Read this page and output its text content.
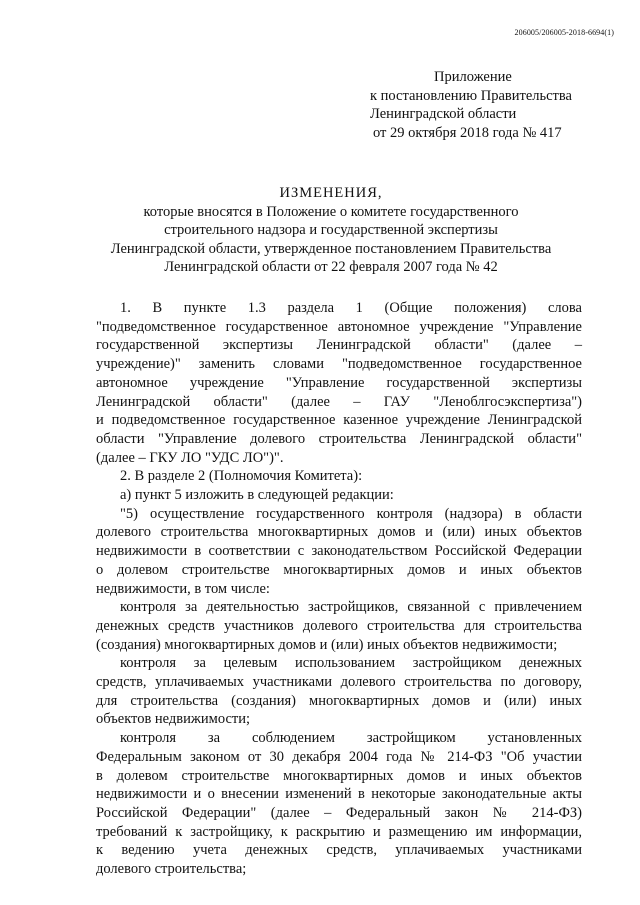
206005/206005-2018-6694(1)
Приложение
к постановлению Правительства
Ленинградской области
от 29 октября 2018 года № 417
ИЗМЕНЕНИЯ,
которые вносятся в Положение о комитете государственного
строительного надзора и государственной экспертизы
Ленинградской области, утвержденное постановлением Правительства
Ленинградской области от 22 февраля 2007 года № 42

1. В пункте 1.3 раздела 1 (Общие положения) слова
"подведомственное государственное автономное учреждение "Управление
государственной экспертизы Ленинградской области" (далее –
учреждение)" заменить словами "подведомственное государственное
автономное учреждение "Управление государственной экспертизы
Ленинградской области" (далее – ГАУ "Леноблгосэкспертиза")
и подведомственное государственное казенное учреждение Ленинградской
области "Управление долевого строительства Ленинградской области"
(далее – ГКУ ЛО "УДС ЛО")".

2. В разделе 2 (Полномочия Комитета):

а) пункт 5 изложить в следующей редакции:

"5) осуществление государственного контроля (надзора) в области
долевого строительства многоквартирных домов и (или) иных объектов
недвижимости в соответствии с законодательством Российской Федерации
о долевом строительстве многоквартирных домов и иных объектов
недвижимости, в том числе:

контроля за деятельностью застройщиков, связанной с привлечением
денежных средств участников долевого строительства для строительства
(создания) многоквартирных домов и (или) иных объектов недвижимости;

контроля за целевым использованием застройщиком денежных
средств, уплачиваемых участниками долевого строительства по договору,
для строительства (создания) многоквартирных домов и (или) иных
объектов недвижимости;

контроля за соблюдением застройщиком установленных
Федеральным законом от 30 декабря 2004 года № 214-ФЗ "Об участии
в долевом строительстве многоквартирных домов и иных объектов
недвижимости и о внесении изменений в некоторые законодательные акты
Российской Федерации" (далее – Федеральный закон № 214-ФЗ)
требований к застройщику, к раскрытию и размещению им информации,
к ведению учета денежных средств, уплачиваемых участниками
долевого строительства;
